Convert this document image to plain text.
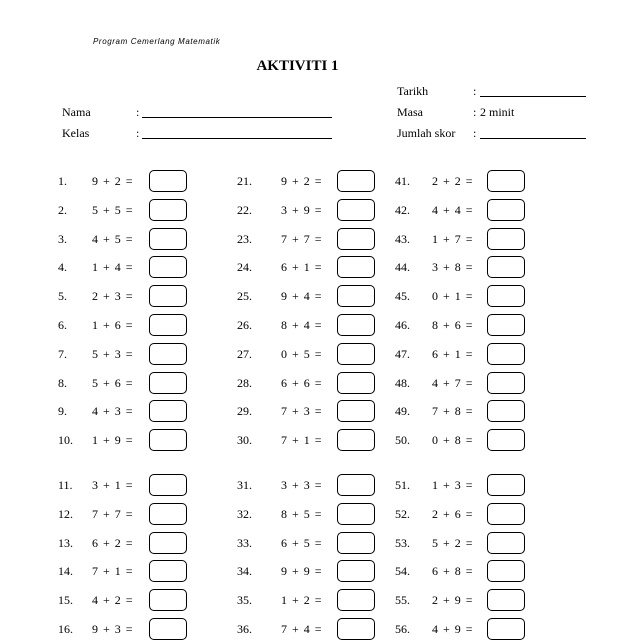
Program Cemerlang Matematik
AKTIVITI 1
Nama	:
Kelas	:
Tarikh	:
Masa	: 2 minit
Jumlah skor :
1. 9 + 2 =
2. 5 + 5 =
3. 4 + 5 =
4. 1 + 4 =
5. 2 + 3 =
6. 1 + 6 =
7. 5 + 3 =
8. 5 + 6 =
9. 4 + 3 =
10. 1 + 9 =
11. 3 + 1 =
12. 7 + 7 =
13. 6 + 2 =
14. 7 + 1 =
15. 4 + 2 =
16. 9 + 3 =
21. 9 + 2 =
22. 3 + 9 =
23. 7 + 7 =
24. 6 + 1 =
25. 9 + 4 =
26. 8 + 4 =
27. 0 + 5 =
28. 6 + 6 =
29. 7 + 3 =
30. 7 + 1 =
31. 3 + 3 =
32. 8 + 5 =
33. 6 + 5 =
34. 9 + 9 =
35. 1 + 2 =
36. 7 + 4 =
41. 2 + 2 =
42. 4 + 4 =
43. 1 + 7 =
44. 3 + 8 =
45. 0 + 1 =
46. 8 + 6 =
47. 6 + 1 =
48. 4 + 7 =
49. 7 + 8 =
50. 0 + 8 =
51. 1 + 3 =
52. 2 + 6 =
53. 5 + 2 =
54. 6 + 8 =
55. 2 + 9 =
56. 4 + 9 =
